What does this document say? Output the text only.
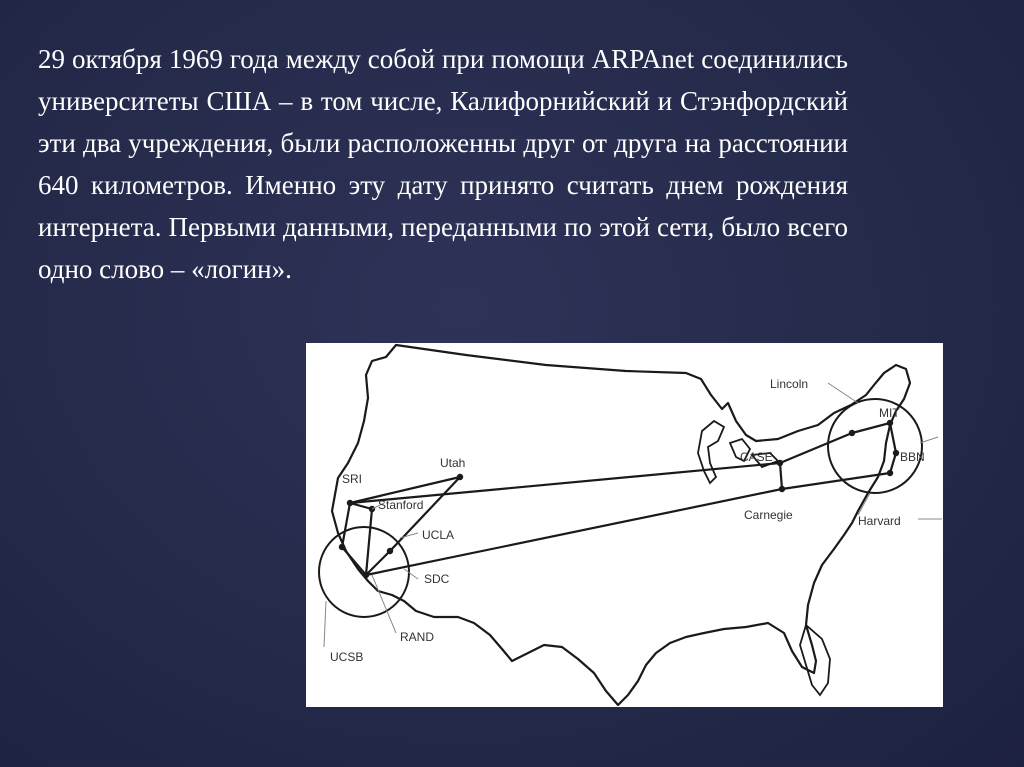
29 октября 1969 года между собой при помощи ARPAnet соединились университеты США – в том числе, Калифорнийский и Стэнфордский эти два учреждения, были расположенны друг от друга на расстоянии 640 километров. Именно эту дату принято считать днем рождения интернета. Первыми данными, переданными по этой сети, было всего одно слово – «логин».

Lincoln
MIT
CASE	BBN
Carnegie	Harvard
SRI
Utah
Stanford
UCLA
SDC
RAND
UCSB
